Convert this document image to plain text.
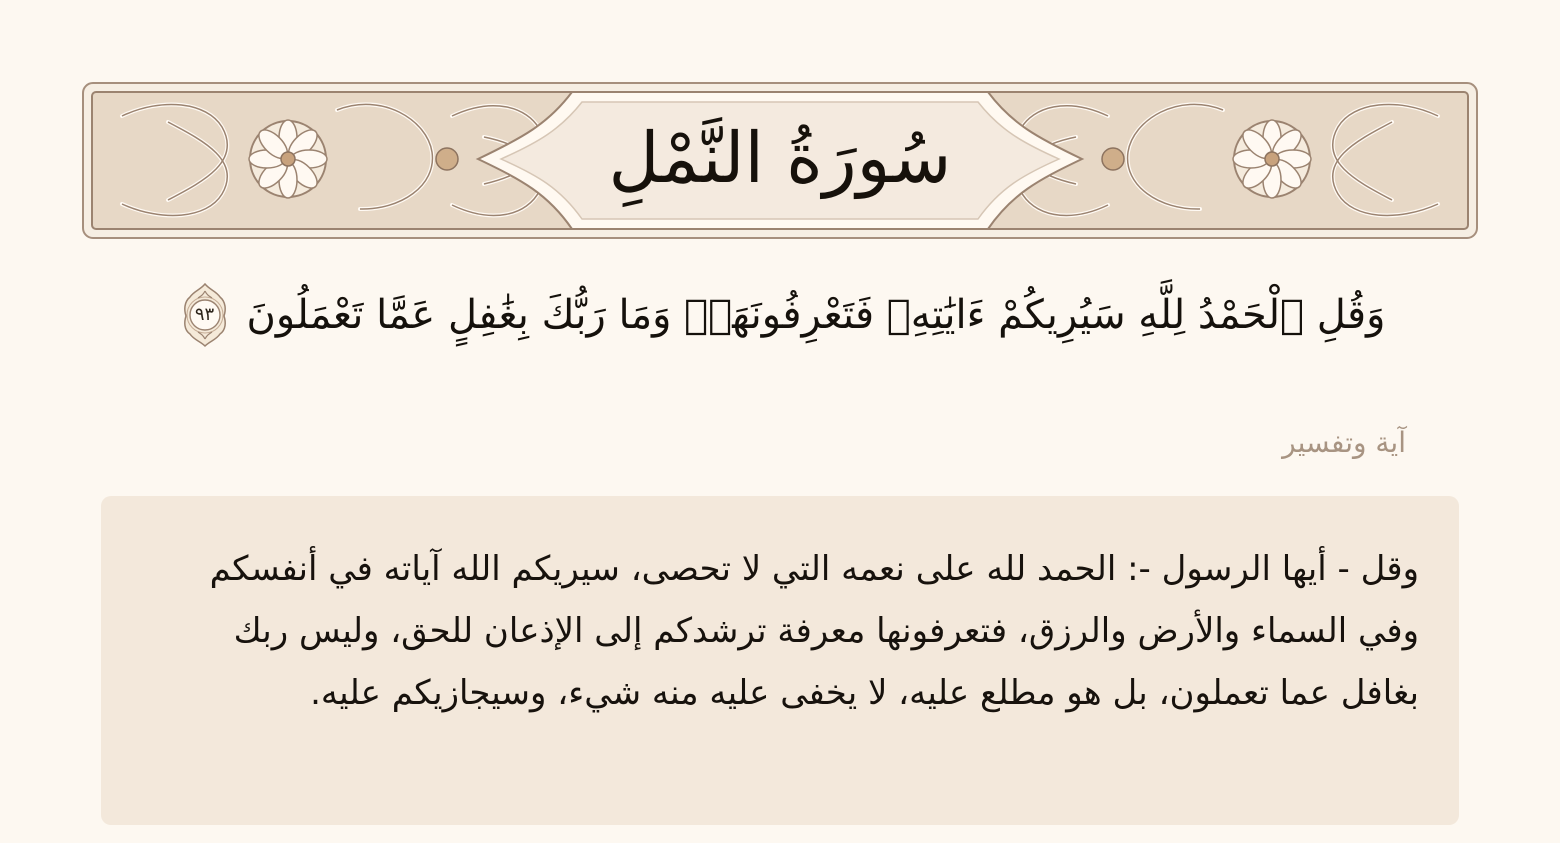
سُورَةُ النَّمْلِ
وَقُلِ ٱلْحَمْدُ لِلَّهِ سَيُرِيكُمْ ءَايَٰتِهِۦ فَتَعْرِفُونَهَاۚ وَمَا رَبُّكَ بِغَٰفِلٍ عَمَّا تَعْمَلُونَ
٩٣
آية وتفسير

وقل - أيها الرسول -: الحمد لله على نعمه التي لا تحصى، سيريكم الله آياته في أنفسكم وفي السماء والأرض والرزق، فتعرفونها معرفة ترشدكم إلى الإذعان للحق، وليس ربك بغافل عما تعملون، بل هو مطلع عليه، لا يخفى عليه منه شيء، وسيجازيكم عليه.
